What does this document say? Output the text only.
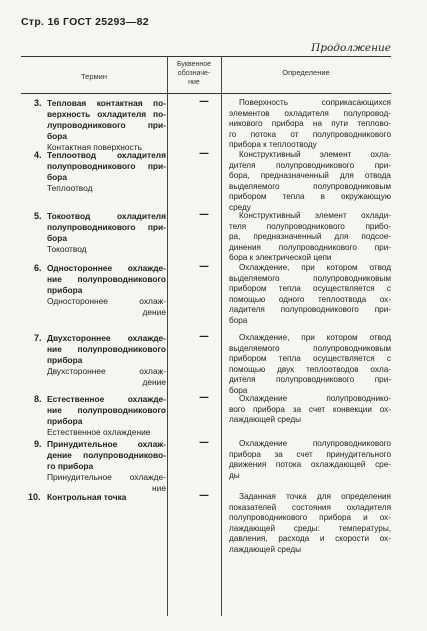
Стр. 16 ГОСТ 25293—82
Продолжение
Термин
Буквенное
обозначе-
ние
Определение
3. Тепловая контактная по-
верхность охладителя по-
лупроводникового при-
бора
Контактная поверхность
—	Поверхность соприкасающихся
элементов охладителя полупровод-
никового прибора на пути теплово-
го потока от полупроводникового
прибора к теплоотводу
4. Теплоотвод охладителя
полупроводникового при-
бора
Теплоотвод
—	Конструктивный элемент охла-
дителя полупроводникового при-
бора, предназначенный для отвода
выделяемого полупроводниковым
прибором тепла в окружающую
среду
5. Токоотвод охладителя
полупроводникового при-
бора
Токоотвод
—	Конструктивный элемент охлади-
теля полупроводникового прибо-
ра, предназначенный для подсое-
динения полупроводникового при-
бора к электрической цепи
6. Одностороннее охлажде-
ние полупроводникового
прибора
Одностороннее охлаж-
дение
—	Охлаждение, при котором отвод
выделяемого полупроводниковым
прибором тепла осуществляется с
помощью одного теплоотвода ох-
ладителя полупроводникового при-
бора
7. Двухстороннее охлажде-
ние полупроводникового
прибора
Двухстороннее охлаж-
дение
—	Охлаждение, при котором отвод
выделяемого полупроводниковым
прибором тепла осуществляется с
помощью двух теплоотводов охла-
дителя полупроводникового при-
бора
8. Естественное охлажде-
ние полупроводникового
прибора
Естественное охлаждение
—	Охлаждение полупроводнико-
вого прибора за счет конвекции ох-
лаждающей среды
9. Принудительное охлаж-
дение полупроводниково-
го прибора
Принудительное охлажде-
ние
—	Охлаждение полупроводникового
прибора за счет принудительного
движения потока охлаждающей сре-
ды
10. Контрольная точка	—	Заданная точка для определения
показателей состояния охладителя
полупроводникового прибора и ох-
лаждающей среды: температуры,
давления, расхода и скорости ох-
лаждающей среды
